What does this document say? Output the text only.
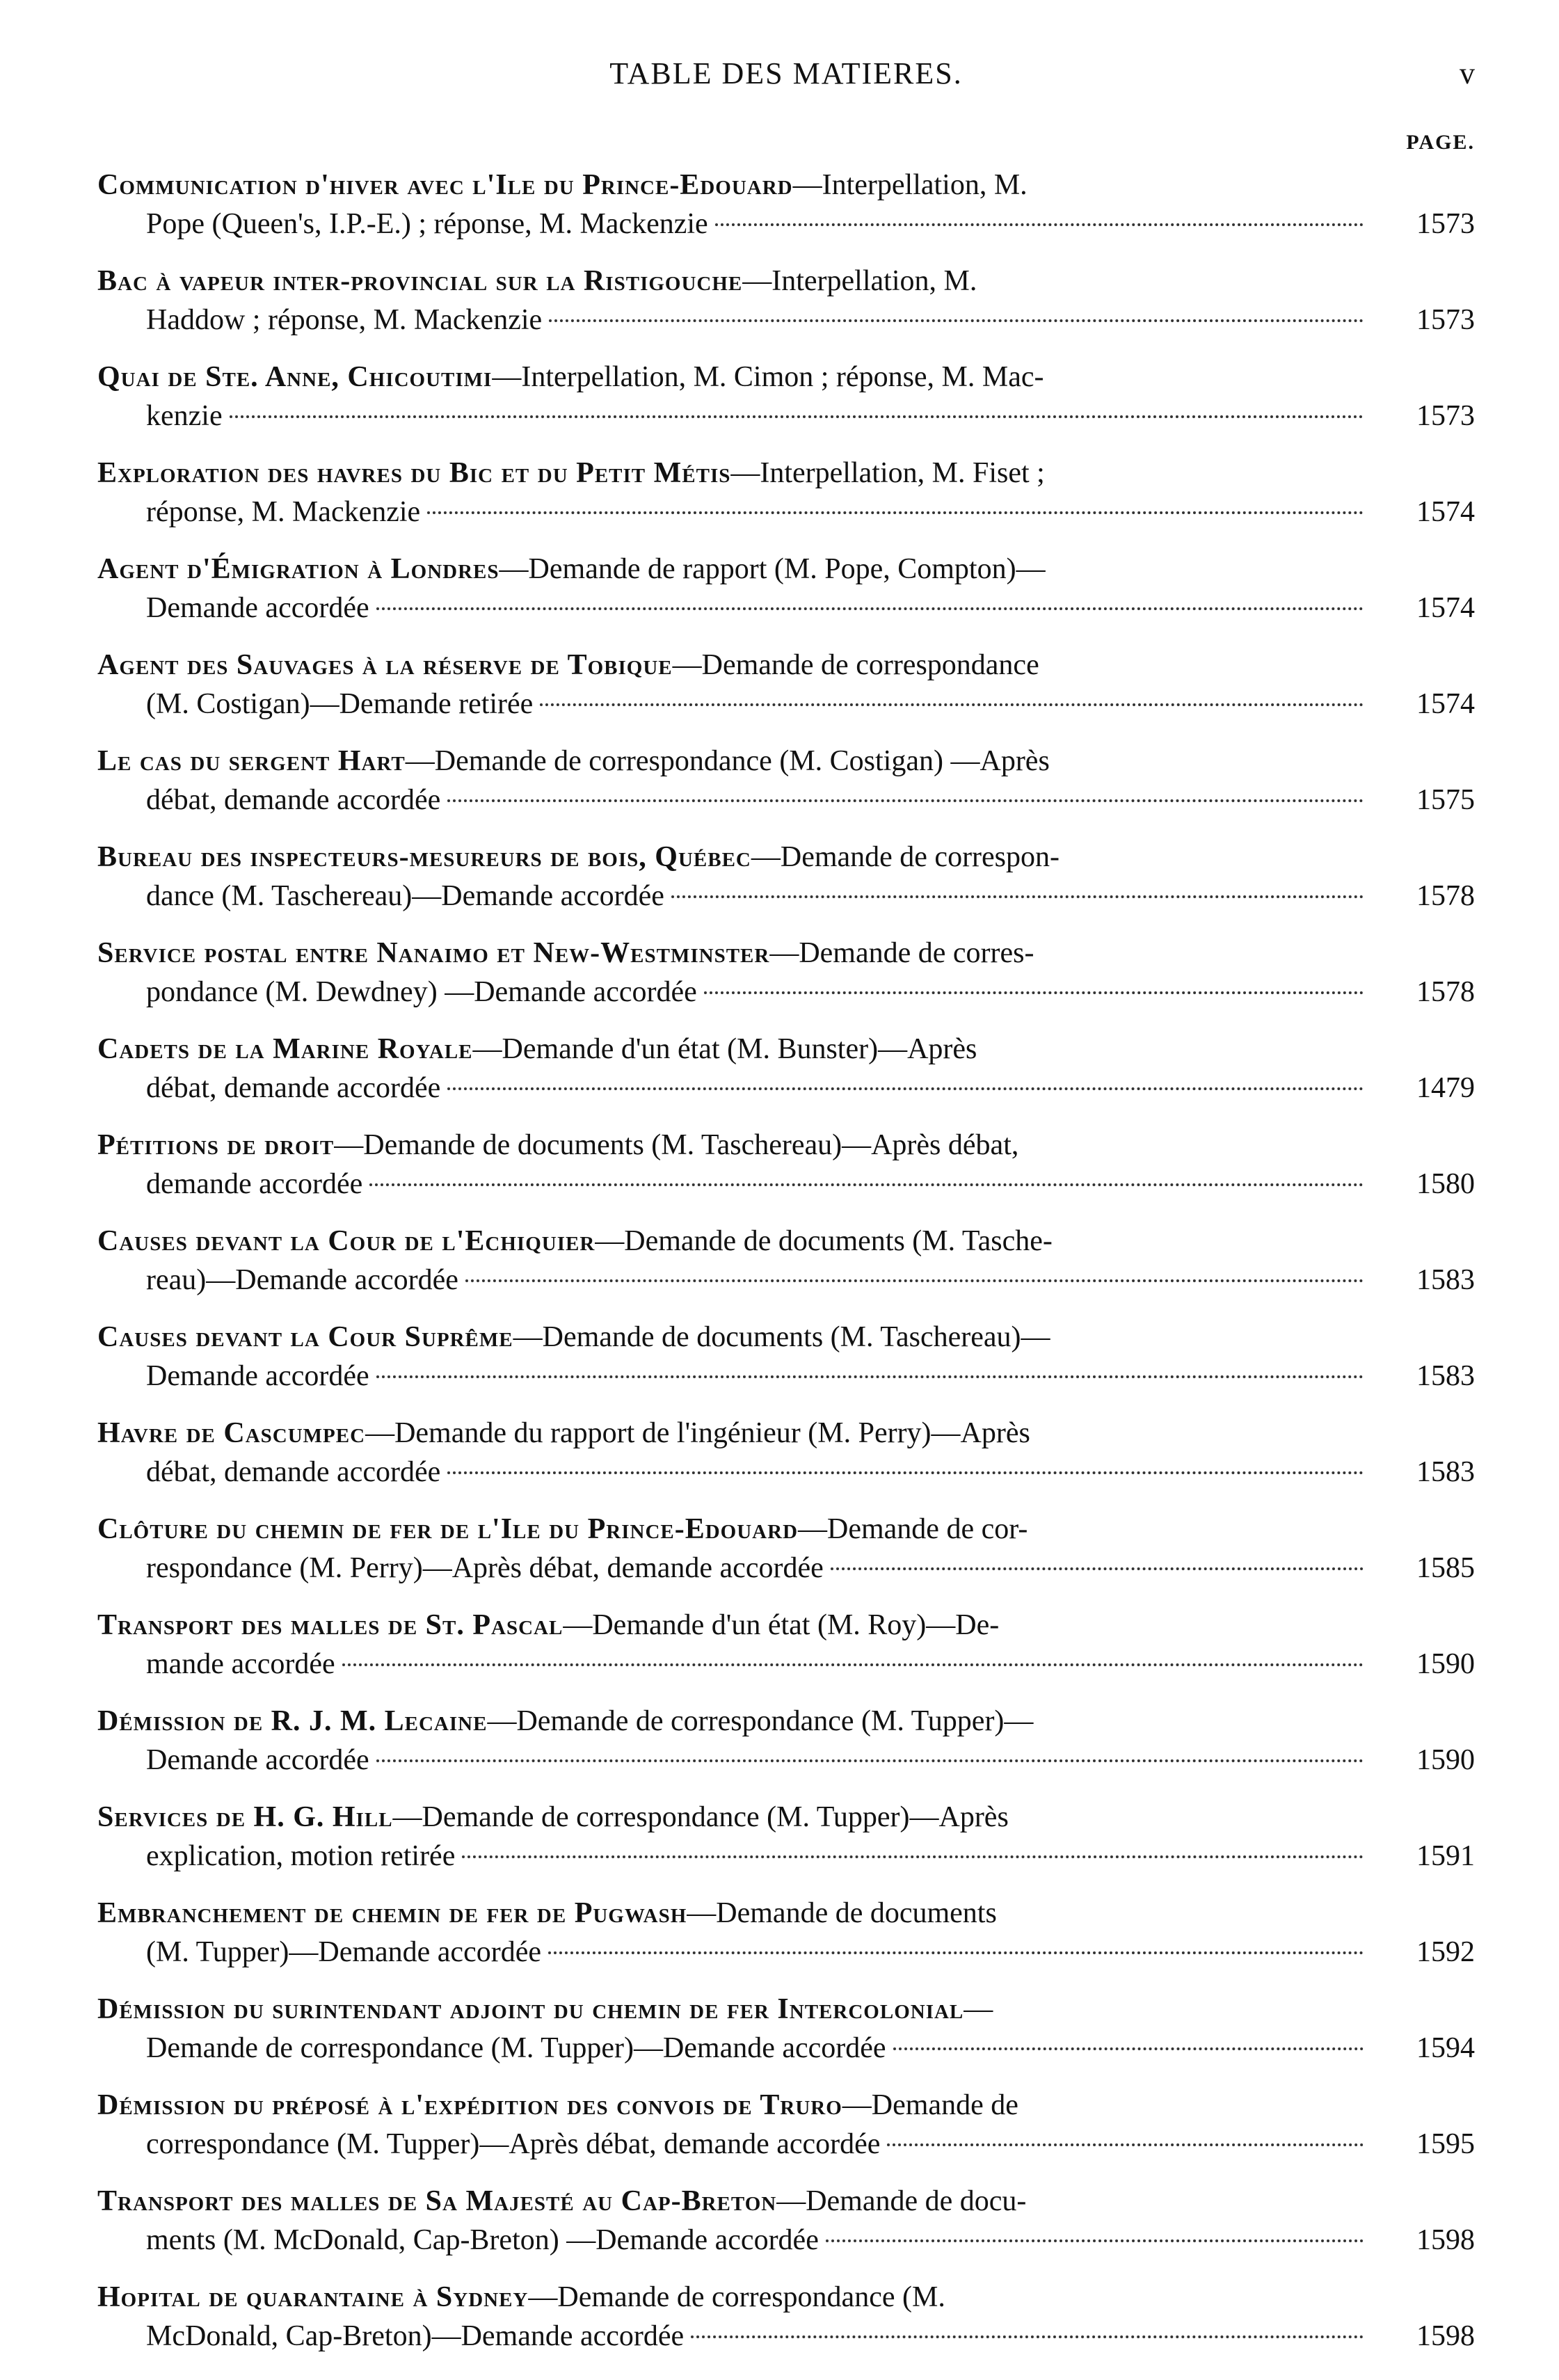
TABLE DES MATIERES.	v
PAGE.
Communication d'hiver avec l'Ile du Prince-Edouard—Interpellation, M.
Pope (Queen's, I.P.-E.) ; réponse, M. Mackenzie	1573
Bac à vapeur inter-provincial sur la Ristigouche—Interpellation, M.
Haddow ; réponse, M. Mackenzie	1573
Quai de Ste. Anne, Chicoutimi—Interpellation, M. Cimon ; réponse, M. Mac-
kenzie	1573
Exploration des havres du Bic et du Petit Métis—Interpellation, M. Fiset ;
réponse, M. Mackenzie	1574
Agent d'Émigration à Londres—Demande de rapport (M. Pope, Compton)—
Demande accordée	1574
Agent des Sauvages à la réserve de Tobique—Demande de correspondance
(M. Costigan)—Demande retirée	1574
Le cas du sergent Hart—Demande de correspondance (M. Costigan) —Après
débat, demande accordée	1575
Bureau des inspecteurs-mesureurs de bois, Québec—Demande de correspon-
dance (M. Taschereau)—Demande accordée	1578
Service postal entre Nanaimo et New-Westminster—Demande de corres-
pondance (M. Dewdney) —Demande accordée	1578
Cadets de la Marine Royale—Demande d'un état (M. Bunster)—Après
débat, demande accordée	1479
Pétitions de droit—Demande de documents (M. Taschereau)—Après débat,
demande accordée	1580
Causes devant la Cour de l'Echiquier—Demande de documents (M. Tasche-
reau)—Demande accordée	1583
Causes devant la Cour Suprême—Demande de documents (M. Taschereau)—
Demande accordée	1583
Havre de Cascumpec—Demande du rapport de l'ingénieur (M. Perry)—Après
débat, demande accordée	1583
Clôture du chemin de fer de l'Ile du Prince-Edouard—Demande de cor-
respondance (M. Perry)—Après débat, demande accordée	1585
Transport des malles de St. Pascal—Demande d'un état (M. Roy)—De-
mande accordée	1590
Démission de R. J. M. Lecaine—Demande de correspondance (M. Tupper)—
Demande accordée	1590
Services de H. G. Hill—Demande de correspondance (M. Tupper)—Après
explication, motion retirée	1591
Embranchement de chemin de fer de Pugwash—Demande de documents
(M. Tupper)—Demande accordée	1592
Démission du surintendant adjoint du chemin de fer Intercolonial—
Demande de correspondance (M. Tupper)—Demande accordée	1594
Démission du préposé à l'expédition des convois de Truro—Demande de
correspondance (M. Tupper)—Après débat, demande accordée	1595
Transport des malles de Sa Majesté au Cap-Breton—Demande de docu-
ments (M. McDonald, Cap-Breton) —Demande accordée	1598
Hopital de quarantaine à Sydney—Demande de correspondance (M.
McDonald, Cap-Breton)—Demande accordée	1598
